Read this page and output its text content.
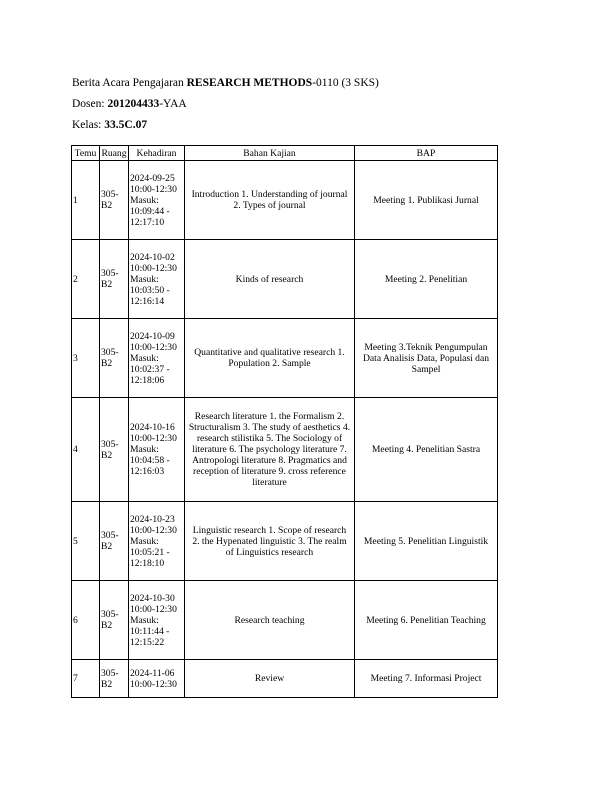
Berita Acara Pengajaran RESEARCH METHODS-0110 (3 SKS)
Dosen: 201204433-YAA
Kelas: 33.5C.07
Temu	Ruang	Kehadiran	Bahan Kajian	BAP
1	305-B2	2024-09-25 10:00-12:30 Masuk: 10:09:44 - 12:17:10	Introduction 1. Understanding of journal 2. Types of journal	Meeting 1. Publikasi Jurnal
2	305-B2	2024-10-02 10:00-12:30 Masuk: 10:03:50 - 12:16:14	Kinds of research	Meeting 2. Penelitian
3	305-B2	2024-10-09 10:00-12:30 Masuk: 10:02:37 - 12:18:06	Quantitative and qualitative research 1. Population 2. Sample	Meeting 3.Teknik Pengumpulan Data Analisis Data, Populasi dan Sampel
4	305-B2	2024-10-16 10:00-12:30 Masuk: 10:04:58 - 12:16:03	Research literature 1. the Formalism 2. Structuralism 3. The study of aesthetics 4. research stilistika 5. The Sociology of literature 6. The psychology literature 7. Antropologi literature 8. Pragmatics and reception of literature 9. cross reference literature	Meeting 4. Penelitian Sastra
5	305-B2	2024-10-23 10:00-12:30 Masuk: 10:05:21 - 12:18:10	Linguistic research 1. Scope of research 2. the Hypenated linguistic 3. The realm of Linguistics research	Meeting 5. Penelitian Linguistik
6	305-B2	2024-10-30 10:00-12:30 Masuk: 10:11:44 - 12:15:22	Research teaching	Meeting 6. Penelitian Teaching
7	305-B2	2024-11-06 10:00-12:30	Review	Meeting 7. Informasi Project
